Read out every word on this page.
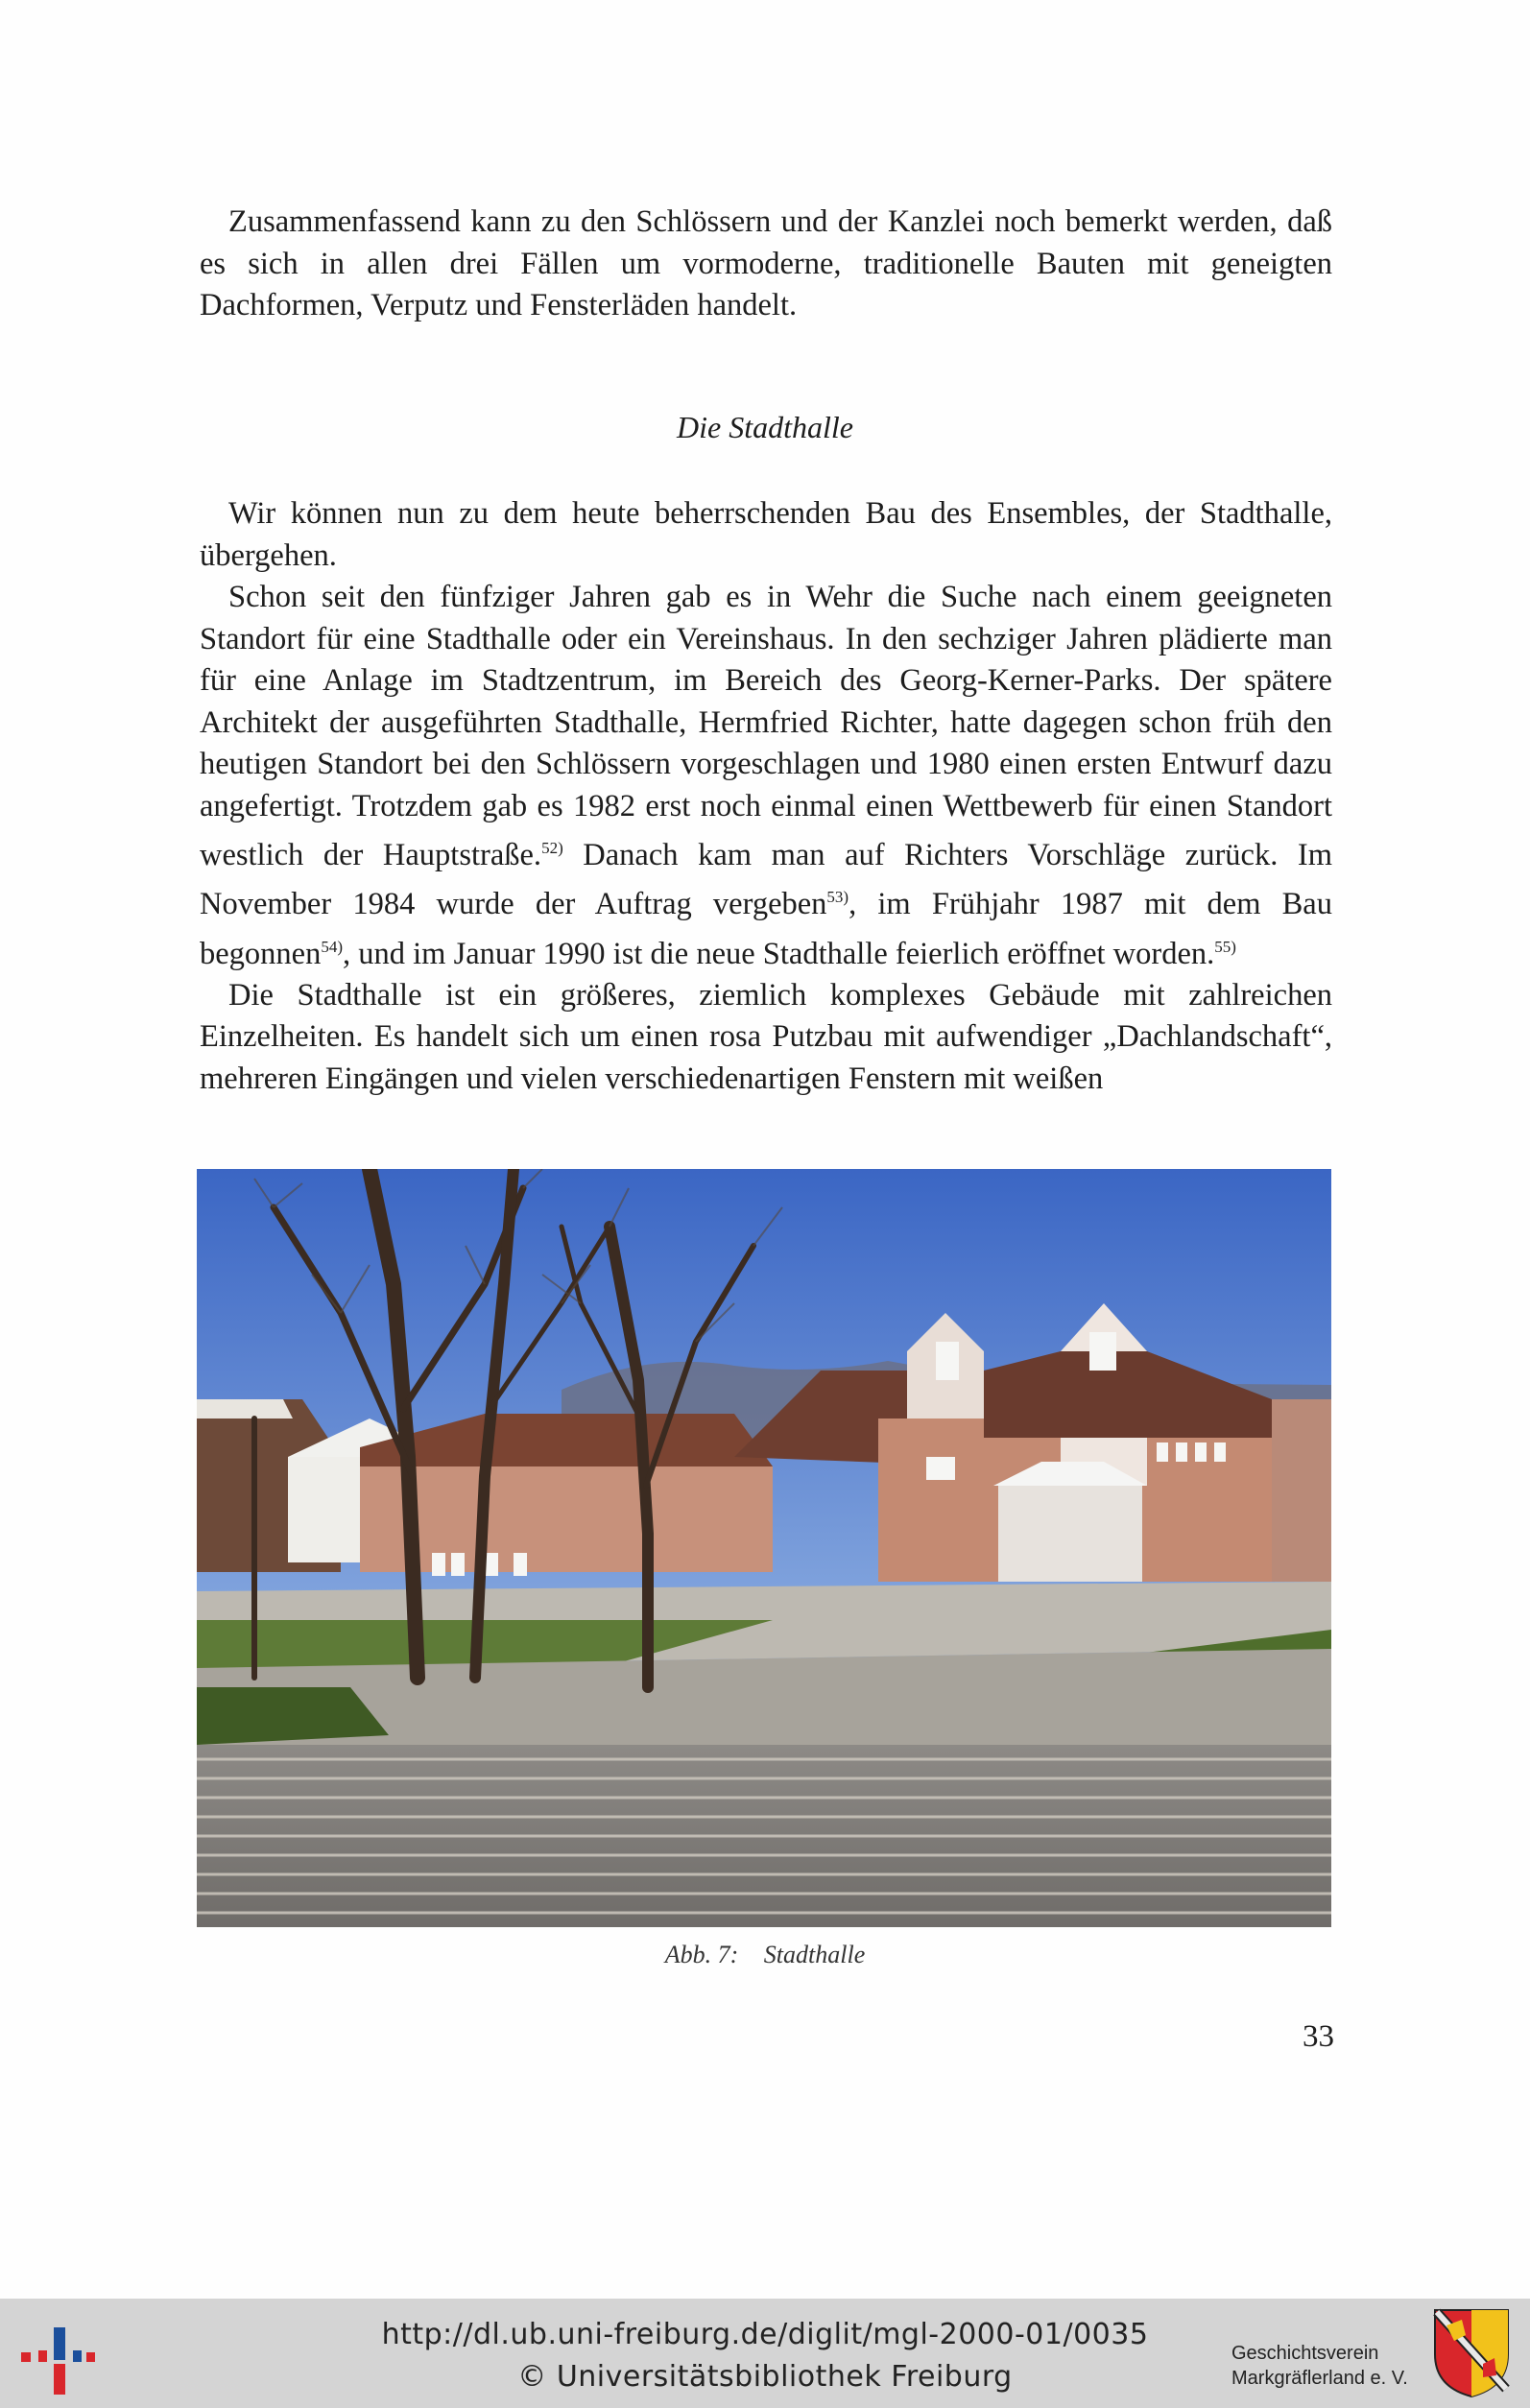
Zusammenfassend kann zu den Schlössern und der Kanzlei noch bemerkt werden, daß es sich in allen drei Fällen um vormoderne, traditionelle Bauten mit geneigten Dachformen, Verputz und Fensterläden handelt.

Die Stadthalle

Wir können nun zu dem heute beherrschenden Bau des Ensembles, der Stadthalle, übergehen.

Schon seit den fünfziger Jahren gab es in Wehr die Suche nach einem geeigneten Standort für eine Stadthalle oder ein Vereinshaus. In den sechziger Jahren plädierte man für eine Anlage im Stadtzentrum, im Bereich des Georg-Kerner-Parks. Der spätere Architekt der ausgeführten Stadthalle, Hermfried Richter, hatte dagegen schon früh den heutigen Standort bei den Schlössern vorgeschlagen und 1980 einen ersten Entwurf dazu angefertigt. Trotzdem gab es 1982 erst noch einmal einen Wettbewerb für einen Standort westlich der Hauptstraße.$^{52)}$ Danach kam man auf Richters Vorschläge zurück. Im November 1984 wurde der Auftrag vergeben$^{53)}$, im Frühjahr 1987 mit dem Bau begonnen$^{54)}$, und im Januar 1990 ist die neue Stadthalle feierlich eröffnet worden.$^{55)}$

Die Stadthalle ist ein größeres, ziemlich komplexes Gebäude mit zahlreichen Einzelheiten. Es handelt sich um einen rosa Putzbau mit aufwendiger „Dachlandschaft“, mehreren Eingängen und vielen verschiedenartigen Fenstern mit weißen

Abb. 7: Stadthalle
33
http://dl.ub.uni-freiburg.de/diglit/mgl-2000-01/0035
© Universitätsbibliothek Freiburg
Geschichtsverein
Markgräflerland e. V.
